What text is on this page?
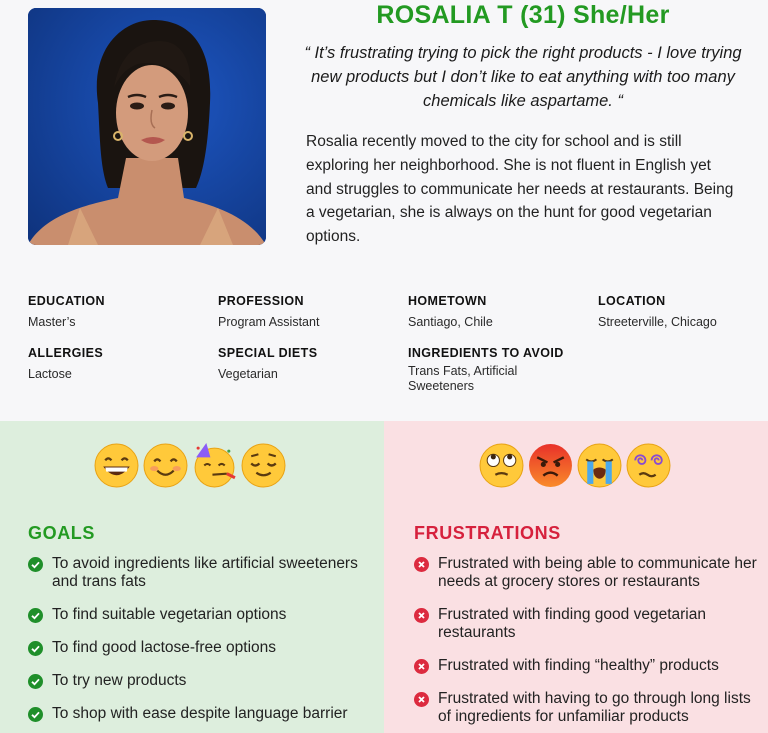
ROSALIA T (31) She/Her
“ It’s frustrating trying to pick the right products - I love trying new products but I don’t like to eat anything with too many chemicals like aspartame. “
Rosalia recently moved to the city for school and is still exploring her neighborhood. She is not fluent in English yet and struggles to communicate her needs at restaurants. Being a vegetarian, she is always on the hunt for good vegetarian options.
EDUCATION
Master’s
PROFESSION
Program Assistant
HOMETOWN
Santiago, Chile
LOCATION
Streeterville, Chicago
ALLERGIES
Lactose
SPECIAL DIETS
Vegetarian
INGREDIENTS TO AVOID
Trans Fats, Artificial Sweeteners
GOALS
To avoid ingredients like artificial sweeteners and trans fats
To find suitable vegetarian options
To find good lactose-free options
To try new products
To shop with ease despite language barrier
FRUSTRATIONS
Frustrated with being able to communicate her needs at grocery stores or restaurants
Frustrated with finding good vegetarian restaurants
Frustrated with finding “healthy” products
Frustrated with having to go through long lists of ingredients for unfamiliar products
